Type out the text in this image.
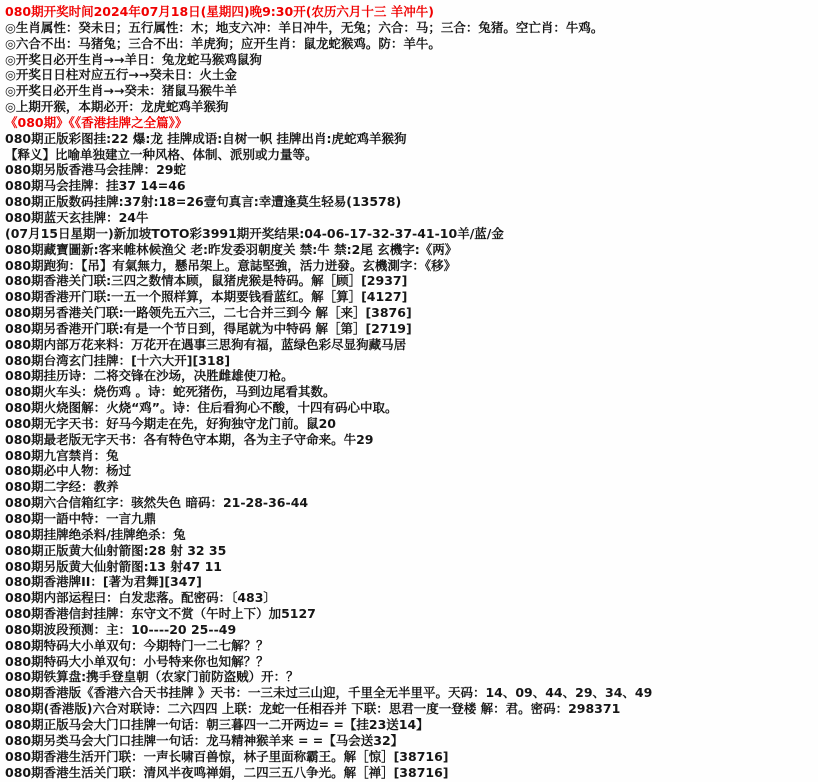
080期开奖时间2024年07月18日(星期四)晚9:30开(农历六月十三 羊冲牛)
◎生肖属性：癸未日；五行属性：木；地支六冲：羊日冲牛，无兔；六合：马；三合：兔猪。空亡肖：牛鸡。
◎六合不出：马猪兔；三合不出：羊虎狗；应开生肖：鼠龙蛇猴鸡。防：羊牛。
◎开奖日必开生肖→→羊日：兔龙蛇马猴鸡鼠狗
◎开奖日日柱对应五行→→癸未日：火土金
◎开奖日必开生肖→→癸未：猪鼠马猴牛羊
◎上期开猴，本期必开：龙虎蛇鸡羊猴狗
《080期》《《香港挂牌之全篇》》
080期正版彩图挂:22 爆:龙 挂牌成语:自树一帜 挂牌出肖:虎蛇鸡羊猴狗
【释义】比喻单独建立一种风格、体制、派别或力量等。
080期另版香港马会挂牌：29蛇
080期马会挂牌：挂37 14=46
080期正版数码挂牌:37射:18=26壹句真言:幸遭逢莫生轻易(13578)
080期蓝天玄挂牌：24牛
(07月15日星期一)新加坡TOTO彩3991期开奖结果:04-06-17-32-37-41-10羊/蓝/金
080期藏寶圖新:客来帷林候渔父 老:昨发委羽朝度关 禁:牛 禁:2尾 玄機字:《两》
080期跑狗：【吊】有氣無力，懸吊架上。意誌堅強，活力迸發。玄機測字：《移》
080期香港关门联:三四之数情本顾，鼠猪虎猴是特码。解［顾］[2937]
080期香港开门联:一五一个照样算，本期要钱看蓝红。解［算］[4127]
080期另香港关门联:一路领先五六三，二七合并三到今 解［来］[3876]
080期另香港开门联:有是一个节日到，得尾就为中特码 解［第］[2719]
080期内部万花来料：万花开在遇事三思狗有福，蓝绿色彩尽显狗藏马居
080期台湾玄门挂牌：[十六大开][318]
080期挂历诗：二将交锋在沙场，决胜雌雄使刀枪。
080期火车头：烧伤鸡 。诗：蛇死猪伤，马到边尾看其数。
080期火烧图解：火烧“鸡”。诗：住后看狗心不酸，十四有码心中取。
080期无字天书：好马今期走在先，好狗独守龙门前。鼠20
080期最老版无字天书：各有特色守本期，各为主子守命来。牛29
080期九宫禁肖：兔
080期必中人物：杨过
080期二字经：教养
080期六合信箱红字：骇然失色 暗码：21-28-36-44
080期一語中特：一言九鼎
080期挂牌绝杀料/挂牌绝杀：兔
080期正版黄大仙射箭图:28 射 32 35
080期另版黄大仙射箭图:13 射47 11
080期香港牌II：[著为君舞][347]
080期内部运程曰：白发悲落。配密码：〔483〕
080期香港信封挂牌：东守文不赏（午时上下）加5127
080期波段预测：主：10----20 25--49
080期特码大小单双句：今期特门一二七解？？
080期特码大小单双句：小号特来你也知解？？
080期铁算盘:携手登皇朝（农家门前防盗贼）开：？
080期香港版《香港六合天书挂牌 》天书：一三未过三山迎，千里全无半里平。天码：14、09、44、29、34、49
080期(香港版)六合对联诗：二六四四 上联：龙蛇一任相吞并 下联：思君一度一登楼 解：君。密码：298371
080期正版马会大门口挂牌一句话：朝三暮四一二开两边= =【挂23送14】
080期另类马会大门口挂牌一句话：龙马精神猴羊来 = =【马会送32】
080期香港生活开门联：一声长啸百兽惊，林子里面称霸王。解［惊］[38716]
080期香港生活关门联：清风半夜鸣禅娟，二四三五八争光。解［禅］[38716]
